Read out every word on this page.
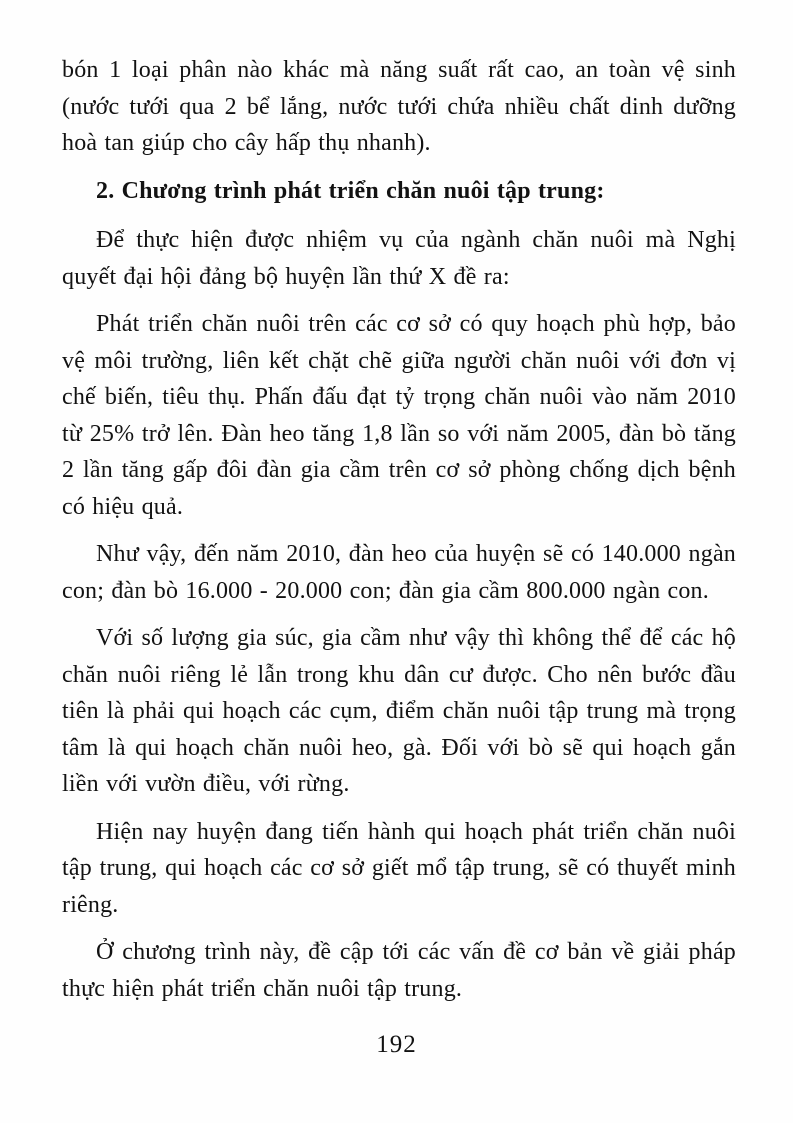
bón 1 loại phân nào khác mà năng suất rất cao, an toàn vệ sinh (nước tưới qua 2 bể lắng, nước tưới chứa nhiều chất dinh dưỡng hoà tan giúp cho cây hấp thụ nhanh).

2. Chương trình phát triển chăn nuôi tập trung:

Để thực hiện được nhiệm vụ của ngành chăn nuôi mà Nghị quyết đại hội đảng bộ huyện lần thứ X đề ra:

Phát triển chăn nuôi trên các cơ sở có quy hoạch phù hợp, bảo vệ môi trường, liên kết chặt chẽ giữa người chăn nuôi với đơn vị chế biến, tiêu thụ. Phấn đấu đạt tỷ trọng chăn nuôi vào năm 2010 từ 25% trở lên. Đàn heo tăng 1,8 lần so với năm 2005, đàn bò tăng 2 lần tăng gấp đôi đàn gia cầm trên cơ sở phòng chống dịch bệnh có hiệu quả.

Như vậy, đến năm 2010, đàn heo của huyện sẽ có 140.000 ngàn con; đàn bò 16.000 - 20.000 con; đàn gia cầm 800.000 ngàn con.

Với số lượng gia súc, gia cầm như vậy thì không thể để các hộ chăn nuôi riêng lẻ lẫn trong khu dân cư được. Cho nên bước đầu tiên là phải qui hoạch các cụm, điểm chăn nuôi tập trung mà trọng tâm là qui hoạch chăn nuôi heo, gà. Đối với bò sẽ qui hoạch gắn liền với vườn điều, với rừng.

Hiện nay huyện đang tiến hành qui hoạch phát triển chăn nuôi tập trung, qui hoạch các cơ sở giết mổ tập trung, sẽ có thuyết minh riêng.

Ở chương trình này, đề cập tới các vấn đề cơ bản về giải pháp thực hiện phát triển chăn nuôi tập trung.

192
